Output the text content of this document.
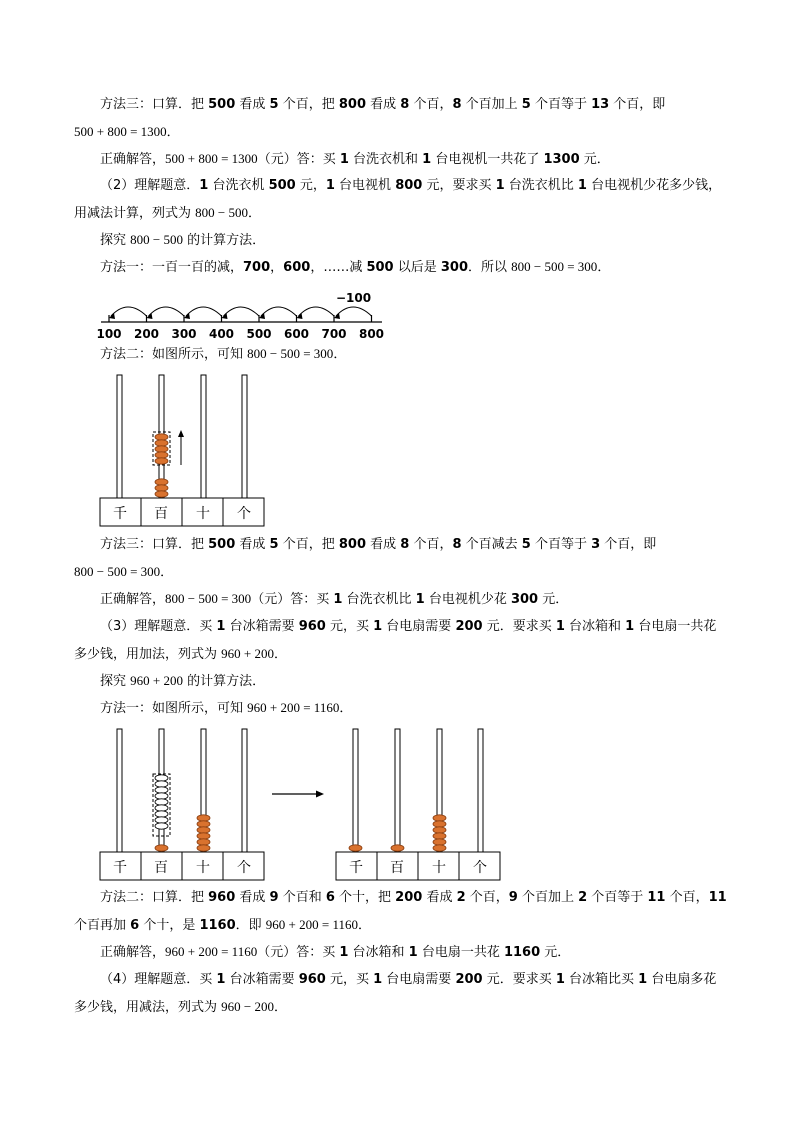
方法三：口算．把 500 看成 5 个百，把 800 看成 8 个百，8 个百加上 5 个百等于 13 个百，即
500 + 800 = 1300．
正确解答，500 + 800 = 1300（元）答：买 1 台洗衣机和 1 台电视机一共花了 1300 元．
（2）理解题意．1 台洗衣机 500 元，1 台电视机 800 元，要求买 1 台洗衣机比 1 台电视机少花多少钱，
用减法计算，列式为 800 − 500．
探究 800 − 500 的计算方法．
方法一：一百一百的减，700，600，……减 500 以后是 300．所以 800 − 500 = 300．
−100
100 200 300 400 500 600 700 800
方法二：如图所示，可知 800 − 500 = 300．
千 百 十 个
方法三：口算．把 500 看成 5 个百，把 800 看成 8 个百，8 个百减去 5 个百等于 3 个百，即
800 − 500 = 300．
正确解答，800 − 500 = 300（元）答：买 1 台洗衣机比 1 台电视机少花 300 元．
（3）理解题意．买 1 台冰箱需要 960 元，买 1 台电扇需要 200 元．要求买 1 台冰箱和 1 台电扇一共花
多少钱，用加法，列式为 960 + 200．
探究 960 + 200 的计算方法．
方法一：如图所示，可知 960 + 200 = 1160．
千 百 十 个	千 百 十 个
方法二：口算．把 960 看成 9 个百和 6 个十，把 200 看成 2 个百，9 个百加上 2 个百等于 11 个百，11
个百再加 6 个十，是 1160．即 960 + 200 = 1160．
正确解答，960 + 200 = 1160（元）答：买 1 台冰箱和 1 台电扇一共花 1160 元．
（4）理解题意．买 1 台冰箱需要 960 元，买 1 台电扇需要 200 元．要求买 1 台冰箱比买 1 台电扇多花
多少钱，用减法，列式为 960 − 200．
